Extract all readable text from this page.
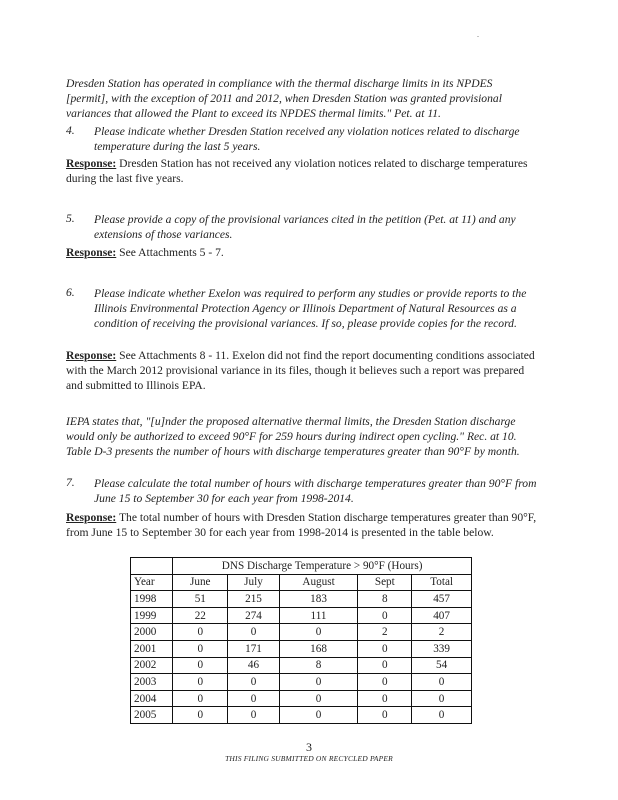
.
Dresden Station has operated in compliance with the thermal discharge limits in its NPDES [permit], with the exception of 2011 and 2012, when Dresden Station was granted provisional variances that allowed the Plant to exceed its NPDES thermal limits." Pet. at 11.
4. Please indicate whether Dresden Station received any violation notices related to discharge temperature during the last 5 years.
Response: Dresden Station has not received any violation notices related to discharge temperatures during the last five years.
5. Please provide a copy of the provisional variances cited in the petition (Pet. at 11) and any extensions of those variances.
Response: See Attachments 5 - 7.
6. Please indicate whether Exelon was required to perform any studies or provide reports to the Illinois Environmental Protection Agency or Illinois Department of Natural Resources as a condition of receiving the provisional variances. If so, please provide copies for the record.
Response: See Attachments 8 - 11. Exelon did not find the report documenting conditions associated with the March 2012 provisional variance in its files, though it believes such a report was prepared and submitted to Illinois EPA.
IEPA states that, "[u]nder the proposed alternative thermal limits, the Dresden Station discharge would only be authorized to exceed 90°F for 259 hours during indirect open cycling." Rec. at 10. Table D-3 presents the number of hours with discharge temperatures greater than 90°F by month.
7. Please calculate the total number of hours with discharge temperatures greater than 90°F from June 15 to September 30 for each year from 1998-2014.
Response: The total number of hours with Dresden Station discharge temperatures greater than 90°F, from June 15 to September 30 for each year from 1998-2014 is presented in the table below.
	DNS Discharge Temperature > 90°F (Hours)				
Year	June	July	August	Sept	Total
1998	51	215	183	8	457
1999	22	274	111	0	407
2000	0	0	0	2	2
2001	0	171	168	0	339
2002	0	46	8	0	54
2003	0	0	0	0	0
2004	0	0	0	0	0
2005	0	0	0	0	0
3
THIS FILING SUBMITTED ON RECYCLED PAPER
